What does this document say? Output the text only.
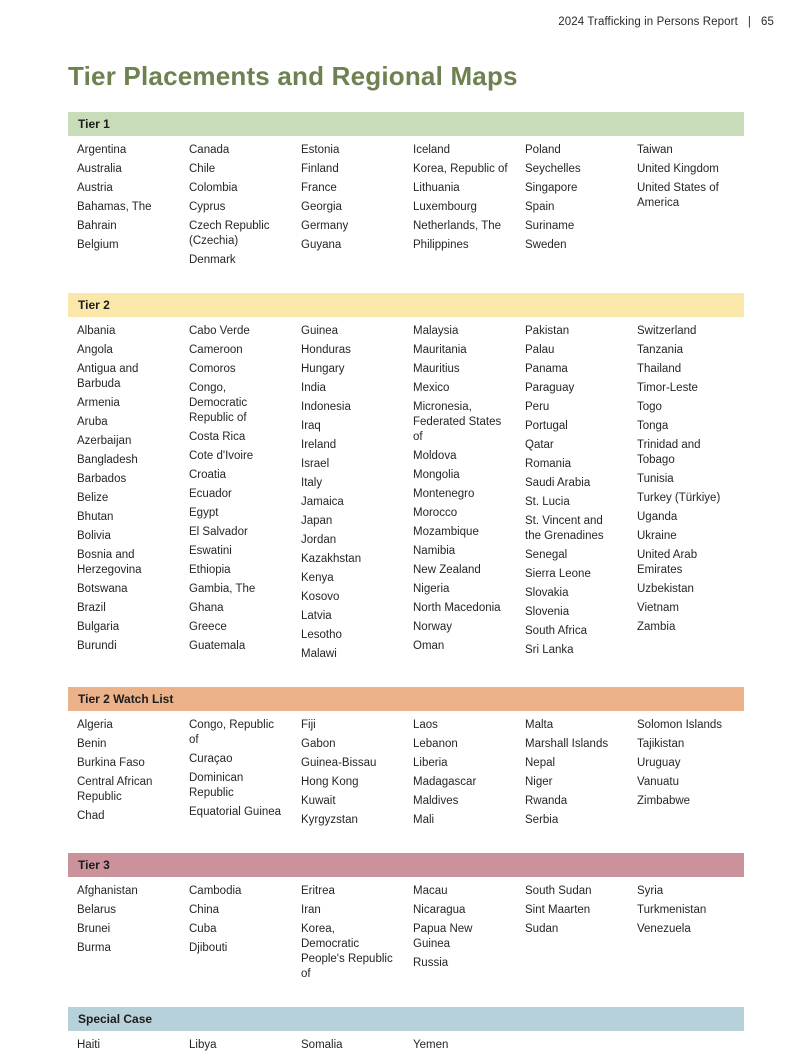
2024 Trafficking in Persons Report | 65
Tier Placements and Regional Maps
Tier 1
Argentina
Australia
Austria
Bahamas, The
Bahrain
Belgium
Canada
Chile
Colombia
Cyprus
Czech Republic (Czechia)
Denmark
Estonia
Finland
France
Georgia
Germany
Guyana
Iceland
Korea, Republic of
Lithuania
Luxembourg
Netherlands, The
Philippines
Poland
Seychelles
Singapore
Spain
Suriname
Sweden
Taiwan
United Kingdom
United States of America
Tier 2
Albania
Angola
Antigua and Barbuda
Armenia
Aruba
Azerbaijan
Bangladesh
Barbados
Belize
Bhutan
Bolivia
Bosnia and Herzegovina
Botswana
Brazil
Bulgaria
Burundi
Cabo Verde
Cameroon
Comoros
Congo, Democratic Republic of
Costa Rica
Cote d'Ivoire
Croatia
Ecuador
Egypt
El Salvador
Eswatini
Ethiopia
Gambia, The
Ghana
Greece
Guatemala
Guinea
Honduras
Hungary
India
Indonesia
Iraq
Ireland
Israel
Italy
Jamaica
Japan
Jordan
Kazakhstan
Kenya
Kosovo
Latvia
Lesotho
Malawi
Malaysia
Mauritania
Mauritius
Mexico
Micronesia, Federated States of
Moldova
Mongolia
Montenegro
Morocco
Mozambique
Namibia
New Zealand
Nigeria
North Macedonia
Norway
Oman
Pakistan
Palau
Panama
Paraguay
Peru
Portugal
Qatar
Romania
Saudi Arabia
St. Lucia
St. Vincent and the Grenadines
Senegal
Sierra Leone
Slovakia
Slovenia
South Africa
Sri Lanka
Switzerland
Tanzania
Thailand
Timor-Leste
Togo
Tonga
Trinidad and Tobago
Tunisia
Turkey (Türkiye)
Uganda
Ukraine
United Arab Emirates
Uzbekistan
Vietnam
Zambia
Tier 2 Watch List
Algeria
Benin
Burkina Faso
Central African Republic
Chad
Congo, Republic of
Curaçao
Dominican Republic
Equatorial Guinea
Fiji
Gabon
Guinea-Bissau
Hong Kong
Kuwait
Kyrgyzstan
Laos
Lebanon
Liberia
Madagascar
Maldives
Mali
Malta
Marshall Islands
Nepal
Niger
Rwanda
Serbia
Solomon Islands
Tajikistan
Uruguay
Vanuatu
Zimbabwe
Tier 3
Afghanistan
Belarus
Brunei
Burma
Cambodia
China
Cuba
Djibouti
Eritrea
Iran
Korea, Democratic People's Republic of
Macau
Nicaragua
Papua New Guinea
Russia
South Sudan
Sint Maarten
Sudan
Syria
Turkmenistan
Venezuela
Special Case
Haiti	Libya	Somalia	Yemen
